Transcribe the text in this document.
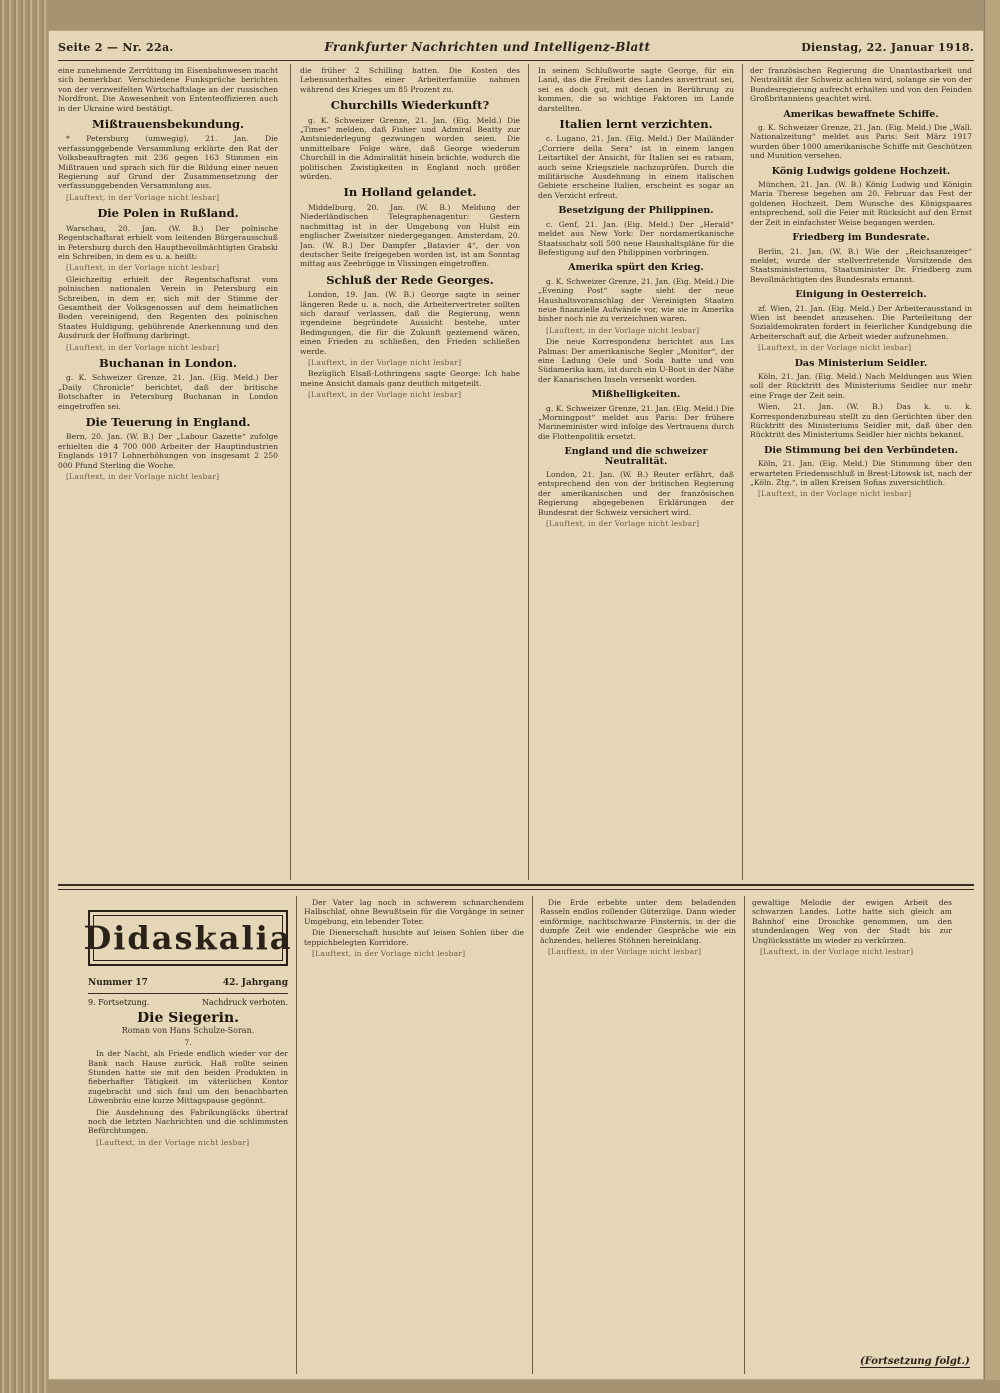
Seite 2 — Nr. 22a.	Frankfurter Nachrichten und Intelligenz-Blatt	Dienstag, 22. Januar 1918.

eine zunehmende Zerrüttung im Eisenbahnwesen macht sich bemerkbar. Verschiedene Funksprüche berichten von der verzweifelten Wirtschaftslage an der russischen Nordfront. Die Anwesenheit von Ententeoffizieren auch in der Ukraine wird bestätigt.

Mißtrauensbekundung.

* Petersburg (umwegig), 21. Jan. Die verfassunggebende Versammlung erklärte den Rat der Volksbeauftragten mit 236 gegen 163 Stimmen ein Mißtrauen und sprach sich für die Bildung einer neuen Regierung auf Grund der Zusammensetzung der verfassunggebenden Versammlung aus.

[Lauftext, in der Vorlage nicht lesbar]

Die Polen in Rußland.

Warschau, 20. Jan. (W. B.) Der polnische Regentschaftsrat erhielt vom leitenden Bürgerausschuß in Petersburg durch den Hauptbevollmächtigten Grabski ein Schreiben, in dem es u. a. heißt:

[Lauftext, in der Vorlage nicht lesbar]

Gleichzeitig erhielt der Regentschaftsrat vom polnischen nationalen Verein in Petersburg ein Schreiben, in dem er, sich mit der Stimme der Gesamtheit der Volksgenossen auf dem heimatlichen Boden vereinigend, den Regenten des polnischen Staates Huldigung, gebührende Anerkennung und den Ausdruck der Hoffnung darbringt.

[Lauftext, in der Vorlage nicht lesbar]

Buchanan in London.

g. K. Schweizer Grenze, 21. Jan. (Eig. Meld.) Der „Daily Chronicle“ berichtet, daß der britische Botschafter in Petersburg Buchanan in London eingetroffen sei.

Die Teuerung in England.

Bern, 20. Jan. (W. B.) Der „Labour Gazette“ zufolge erhielten die 4 700 000 Arbeiter der Hauptindustrien Englands 1917 Lohnerhöhungen von insgesamt 2 250 000 Pfund Sterling die Woche.

[Lauftext, in der Vorlage nicht lesbar]

die früher 2 Schilling hatten. Die Kosten des Lebensunterhaltes einer Arbeiterfamilie nahmen während des Krieges um 85 Prozent zu.

Churchills Wiederkunft?

g. K. Schweizer Grenze, 21. Jan. (Eig. Meld.) Die „Times“ melden, daß Fisher und Admiral Beatty zur Amtsniederlegung gezwungen worden seien. Die unmittelbare Folge wäre, daß George wiederum Churchill in die Admiralität hinein brächte, wodurch die politischen Zwistigkeiten in England noch größer würden.

In Holland gelandet.

Middelburg, 20. Jan. (W. B.) Meldung der Niederländischen Telegraphenagentur: Gestern nachmittag ist in der Umgebung von Hulst ein englischer Zweisitzer niedergegangen. Amsterdam, 20. Jan. (W. B.) Der Dampfer „Batavier 4“, der von deutscher Seite freigegeben worden ist, ist am Sonntag mittag aus Zeebrügge in Vlissingen eingetroffen.

Schluß der Rede Georges.

London, 19. Jan. (W. B.) George sagte in seiner längeren Rede u. a. noch, die Arbeitervertreter sollten sich darauf verlassen, daß die Regierung, wenn irgendeine begründete Aussicht bestehe, unter Bedingungen, die für die Zukunft geziemend wären, einen Frieden zu schließen, den Frieden schließen werde.

[Lauftext, in der Vorlage nicht lesbar]

Bezüglich Elsaß-Lothringens sagte George: Ich habe meine Ansicht damals ganz deutlich mitgeteilt.

[Lauftext, in der Vorlage nicht lesbar]

In seinem Schlußworte sagte George, für ein Land, das die Freiheit des Landes anvertraut sei, sei es doch gut, mit denen in Berührung zu kommen, die so wichtige Faktoren im Lande darstellten.

Italien lernt verzichten.

c. Lugano, 21. Jan. (Eig. Meld.) Der Mailänder „Corriere della Sera“ ist in einem langen Leitartikel der Ansicht, für Italien sei es ratsam, auch seine Kriegsziele nachzuprüfen. Durch die militärische Ausdehnung in einem italischen Gebiete erscheine Italien, erscheint es sogar an den Verzicht erfreut.

Besetzigung der Philippinen.

c. Genf, 21. Jan. (Eig. Meld.) Der „Herald“ meldet aus New York: Der nordamerikanische Staatsschatz soll 500 neue Haushaltspläne für die Befestigung auf den Philippinen vorbringen.

Amerika spürt den Krieg.

g. K. Schweizer Grenze, 21. Jan. (Eig. Meld.) Die „Evening Post“ sagte sieht der neue Haushaltsvoranschlag der Vereinigten Staaten neue finanzielle Aufwände vor, wie sie in Amerika bisher noch nie zu verzeichnen waren.

[Lauftext, in der Vorlage nicht lesbar]

Die neue Korrespondenz berichtet aus Las Palmas: Der amerikanische Segler „Monitor“, der eine Ladung Oele und Soda hatte und von Südamerika kam, ist durch ein U-Boot in der Nähe der Kanarischen Inseln versenkt worden.

Mißhelligkeiten.

g. K. Schweizer Grenze, 21. Jan. (Eig. Meld.) Die „Morningpost“ meldet aus Paris: Der frühere Marineminister wird infolge des Vertrauens durch die Flottenpolitik ersetzt.

England und die schweizer Neutralität.

London, 21. Jan. (W. B.) Reuter erfährt, daß entsprechend den von der britischen Regierung der amerikanischen und der französischen Regierung abgegebenen Erklärungen der Bundesrat der Schweiz versichert wird.

[Lauftext, in der Vorlage nicht lesbar]

der französischen Regierung die Unantastbarkeit und Neutralität der Schweiz achten wird, solange sie von der Bundesregierung aufrecht erhalten und von den Feinden Großbritanniens geachtet wird.

Amerikas bewaffnete Schiffe.

g. K. Schweizer Grenze, 21. Jan. (Eig. Meld.) Die „Wall. Nationalzeitung“ meldet aus Paris: Seit März 1917 wurden über 1000 amerikanische Schiffe mit Geschützen und Munition versehen.

König Ludwigs goldene Hochzeit.

München, 21. Jan. (W. B.) König Ludwig und Königin Maria Therese begehen am 20. Februar das Fest der goldenen Hochzeit. Dem Wunsche des Königspaares entsprechend, soll die Feier mit Rücksicht auf den Ernst der Zeit in einfachster Weise begangen werden.

Friedberg im Bundesrate.

Berlin, 21. Jan. (W. B.) Wie der „Reichsanzeiger“ meldet, wurde der stellvertretende Vorsitzende des Staatsministeriums, Staatsminister Dr. Friedberg zum Bevollmächtigten des Bundesrats ernannt.

Einigung in Oesterreich.

zf. Wien, 21. Jan. (Eig. Meld.) Der Arbeiterausstand in Wien ist beendet anzusehen. Die Parteileitung der Sozialdemokraten fordert in feierlicher Kundgebung die Arbeiterschaft auf, die Arbeit wieder aufzunehmen.

[Lauftext, in der Vorlage nicht lesbar]

Das Ministerium Seidler.

Köln, 21. Jan. (Eig. Meld.) Nach Meldungen aus Wien soll der Rücktritt des Ministeriums Seidler nur mehr eine Frage der Zeit sein.

Wien, 21. Jan. (W. B.) Das k. u. k. Korrespondenzbureau stellt zu den Gerüchten über den Rücktritt des Ministeriums Seidler mit, daß über den Rücktritt des Ministeriums Seidler hier nichts bekannt.

Die Stimmung bei den Verbündeten.

Köln, 21. Jan. (Eig. Meld.) Die Stimmung über den erwarteten Friedensschluß in Brest-Litowsk ist, nach der „Köln. Ztg.“, in allen Kreisen Sofias zuversichtlich.

[Lauftext, in der Vorlage nicht lesbar]

Didaskalia
Nummer 17	42. Jahrgang
9. Fortsetzung.	Nachdruck verboten.
Die Siegerin.

Roman von Hans Schulze-Soran.

7.

In der Nacht, als Friede endlich wieder vor der Bank nach Hause zurück. Haß rollte seinen Stunden hatte sie mit den beiden Produkten in fieberhafter Tätigkeit im väterlichen Kontor zugebracht und sich faul um den benachbarten Löwenbräu eine kurze Mittagspause gegönnt.

Die Ausdehnung des Fabrikungläcks übertraf noch die letzten Nachrichten und die schlimmsten Befürchtungen.

[Lauftext, in der Vorlage nicht lesbar]

Der Vater lag noch in schwerem schnarchendem Halbschlaf, ohne Bewußtsein für die Vorgänge in seiner Umgebung, ein lebender Toter.

Die Dienerschaft huschte auf leisen Sohlen über die teppichbelegten Korridore.

[Lauftext, in der Vorlage nicht lesbar]

Die Erde erbebte unter dem beladenden Rasseln endlos rollender Güterzüge. Dann wieder einförmige, nachtschwarze Finsternis, in der die dumpfe Zeit wie endender Gespräche wie ein ächzendes, helleres Stöhnen hereinklang.

[Lauftext, in der Vorlage nicht lesbar]

gewaltige Melodie der ewigen Arbeit des schwarzen Landes. Lotte hatte sich gleich am Bahnhof eine Droschke genommen, um den stundenlangen Weg von der Stadt bis zur Unglücksstätte im wieder zu verkürzen.

[Lauftext, in der Vorlage nicht lesbar]

(Fortsetzung folgt.)
